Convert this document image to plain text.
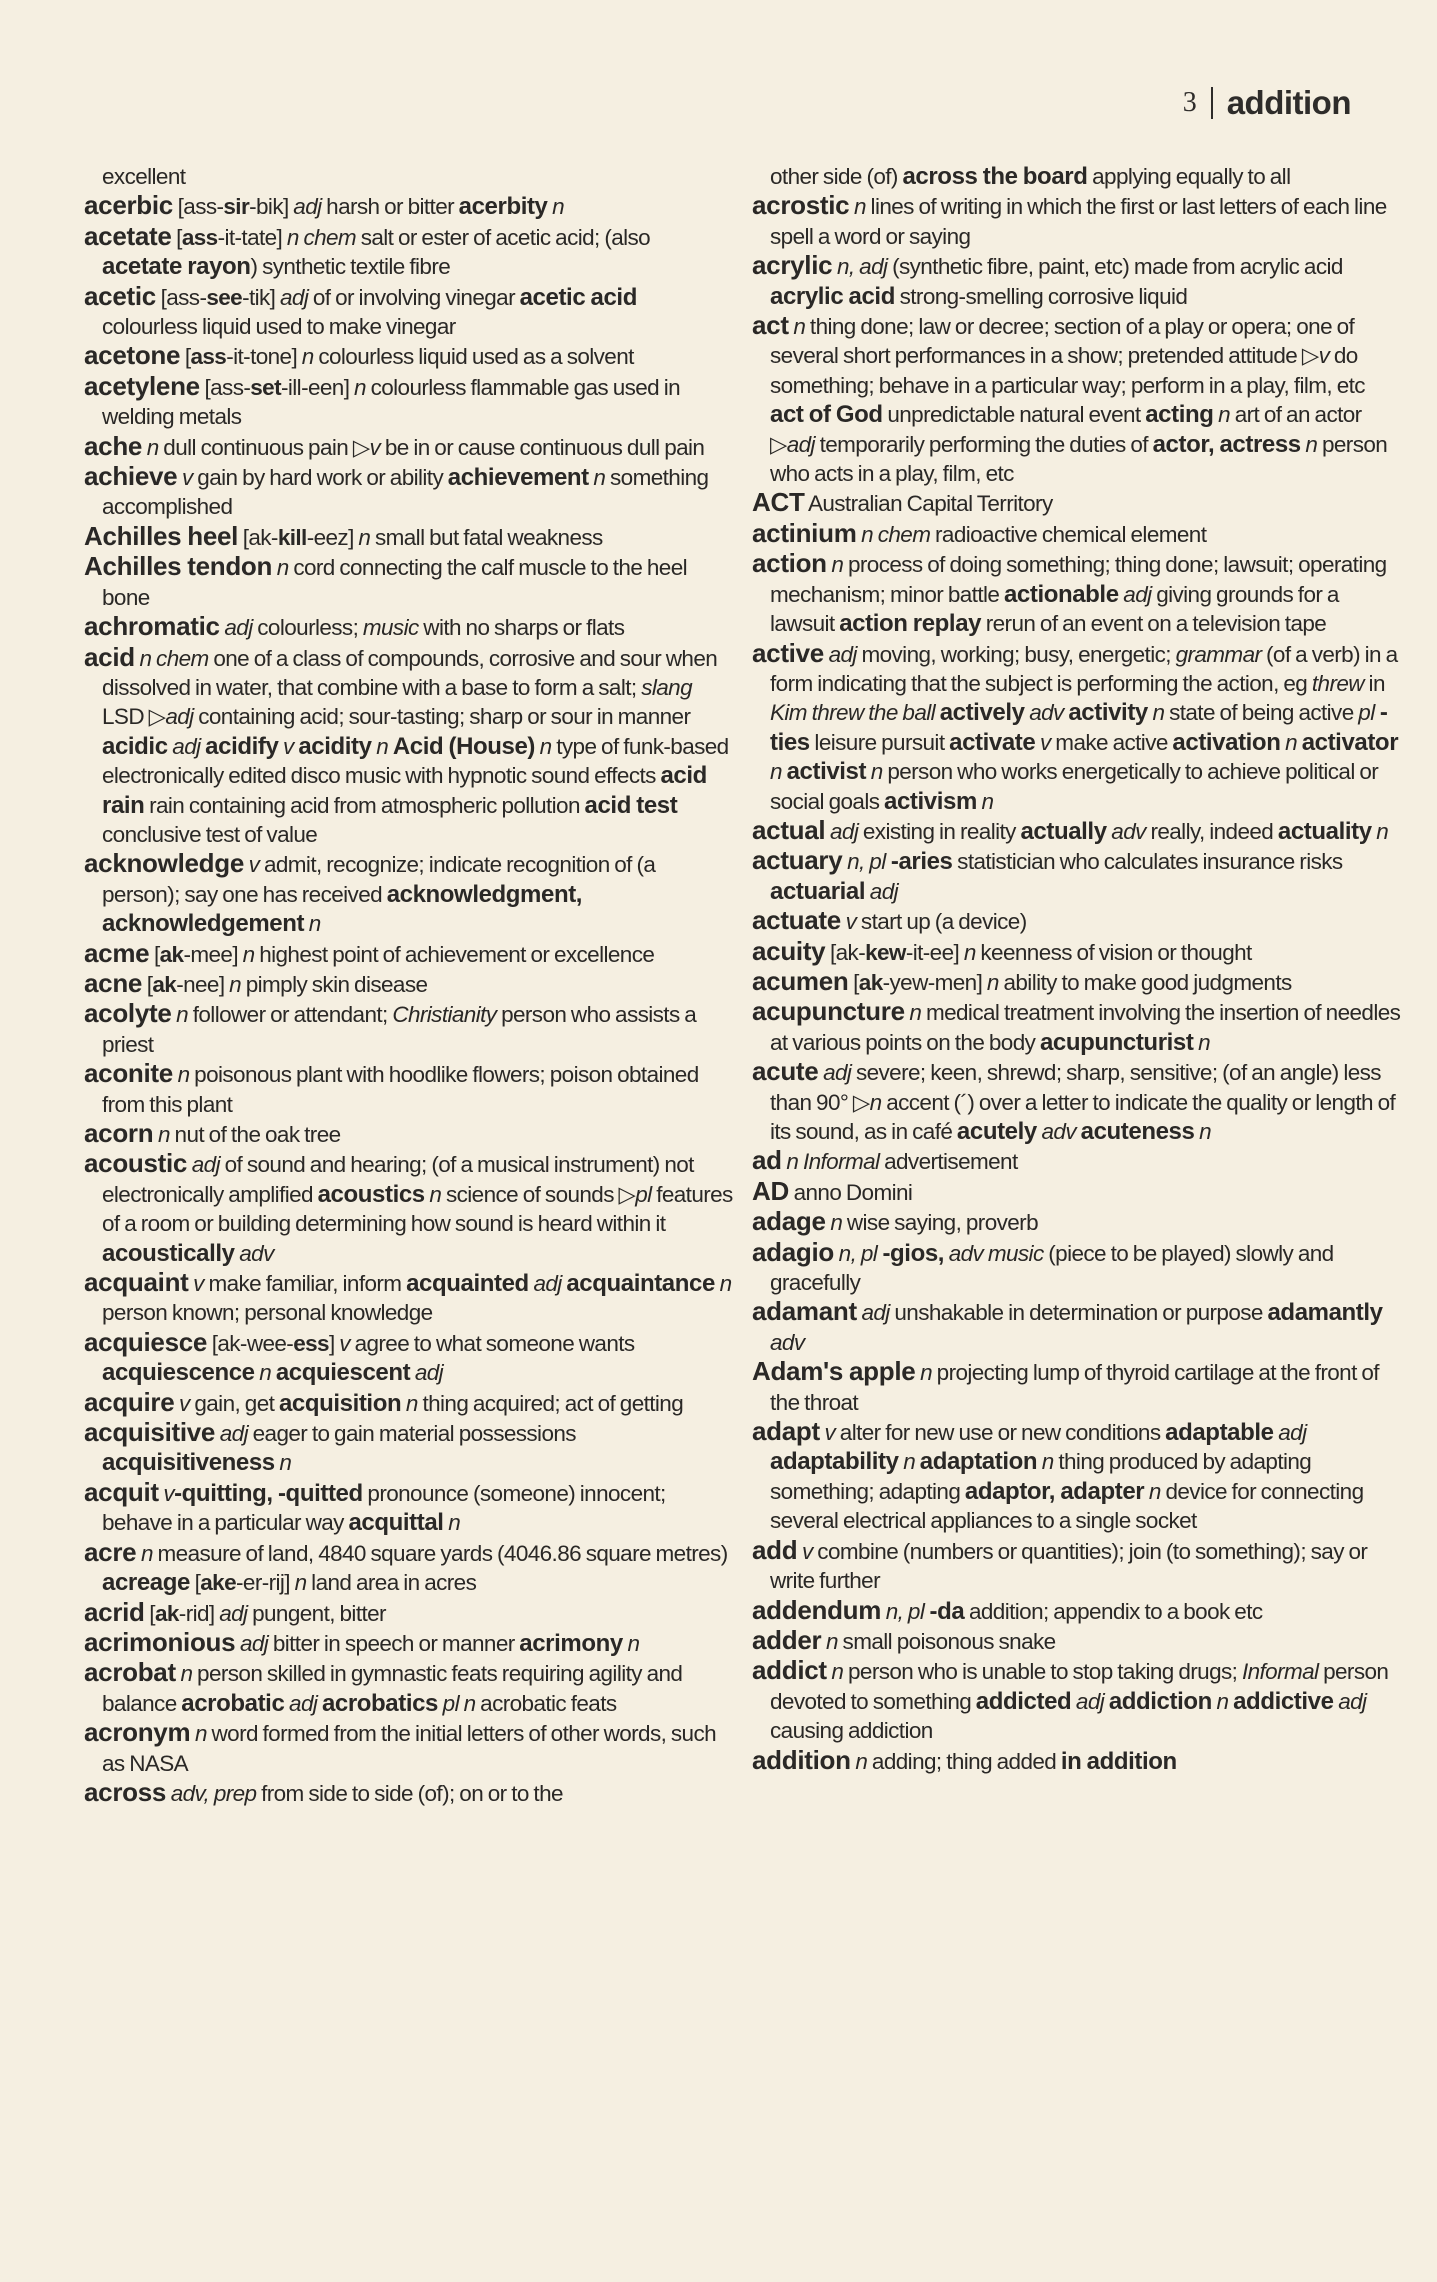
3 addition

excellent

acerbic [ass-sir-bik] adj harsh or bitter acerbity n

acetate [ass-it-tate] n chem salt or ester of acetic acid; (also acetate rayon) synthetic textile fibre

acetic [ass-see-tik] adj of or involving vinegar acetic acid colourless liquid used to make vinegar

acetone [ass-it-tone] n colourless liquid used as a solvent

acetylene [ass-set-ill-een] n colourless flammable gas used in welding metals

ache n dull continuous pain ▷v be in or cause continuous dull pain

achieve v gain by hard work or ability achievement n something accomplished

Achilles heel [ak-kill-eez] n small but fatal weakness

Achilles tendon n cord connecting the calf muscle to the heel bone

achromatic adj colourless; music with no sharps or flats

acid n chem one of a class of compounds, corrosive and sour when dissolved in water, that combine with a base to form a salt; slang LSD ▷adj containing acid; sour-tasting; sharp or sour in manner acidic adj acidify v acidity n Acid (House) n type of funk-based electronically edited disco music with hypnotic sound effects acid rain rain containing acid from atmospheric pollution acid test conclusive test of value

acknowledge v admit, recognize; indicate recognition of (a person); say one has received acknowledgment, acknowledgement n

acme [ak-mee] n highest point of achievement or excellence

acne [ak-nee] n pimply skin disease

acolyte n follower or attendant; Christianity person who assists a priest

aconite n poisonous plant with hoodlike flowers; poison obtained from this plant

acorn n nut of the oak tree

acoustic adj of sound and hearing; (of a musical instrument) not electronically amplified acoustics n science of sounds ▷pl features of a room or building determining how sound is heard within it acoustically adv

acquaint v make familiar, inform acquainted adj acquaintance n person known; personal knowledge

acquiesce [ak-wee-ess] v agree to what someone wants acquiescence n acquiescent adj

acquire v gain, get acquisition n thing acquired; act of getting

acquisitive adj eager to gain material possessions acquisitiveness n

acquit v-quitting, -quitted pronounce (someone) innocent; behave in a particular way acquittal n

acre n measure of land, 4840 square yards (4046.86 square metres) acreage [ake-er-rij] n land area in acres

acrid [ak-rid] adj pungent, bitter

acrimonious adj bitter in speech or manner acrimony n

acrobat n person skilled in gymnastic feats requiring agility and balance acrobatic adj acrobatics pl n acrobatic feats

acronym n word formed from the initial letters of other words, such as NASA

across adv, prep from side to side (of); on or to the

other side (of) across the board applying equally to all

acrostic n lines of writing in which the first or last letters of each line spell a word or saying

acrylic n, adj (synthetic fibre, paint, etc) made from acrylic acid acrylic acid strong-smelling corrosive liquid

act n thing done; law or decree; section of a play or opera; one of several short performances in a show; pretended attitude ▷v do something; behave in a particular way; perform in a play, film, etc act of God unpredictable natural event acting n art of an actor ▷adj temporarily performing the duties of actor, actress n person who acts in a play, film, etc

ACT Australian Capital Territory

actinium n chem radioactive chemical element

action n process of doing something; thing done; lawsuit; operating mechanism; minor battle actionable adj giving grounds for a lawsuit action replay rerun of an event on a television tape

active adj moving, working; busy, energetic; grammar (of a verb) in a form indicating that the subject is performing the action, eg threw in Kim threw the ball actively adv activity n state of being active pl -ties leisure pursuit activate v make active activation n activator n activist n person who works energetically to achieve political or social goals activism n

actual adj existing in reality actually adv really, indeed actuality n

actuary n, pl -aries statistician who calculates insurance risks actuarial adj

actuate v start up (a device)

acuity [ak-kew-it-ee] n keenness of vision or thought

acumen [ak-yew-men] n ability to make good judgments

acupuncture n medical treatment involving the insertion of needles at various points on the body acupuncturist n

acute adj severe; keen, shrewd; sharp, sensitive; (of an angle) less than 90° ▷n accent (´) over a letter to indicate the quality or length of its sound, as in café acutely adv acuteness n

ad n Informal advertisement

AD anno Domini

adage n wise saying, proverb

adagio n, pl -gios, adv music (piece to be played) slowly and gracefully

adamant adj unshakable in determination or purpose adamantly adv

Adam's apple n projecting lump of thyroid cartilage at the front of the throat

adapt v alter for new use or new conditions adaptable adj adaptability n adaptation n thing produced by adapting something; adapting adaptor, adapter n device for connecting several electrical appliances to a single socket

add v combine (numbers or quantities); join (to something); say or write further

addendum n, pl -da addition; appendix to a book etc

adder n small poisonous snake

addict n person who is unable to stop taking drugs; Informal person devoted to something addicted adj addiction n addictive adj causing addiction

addition n adding; thing added in addition
